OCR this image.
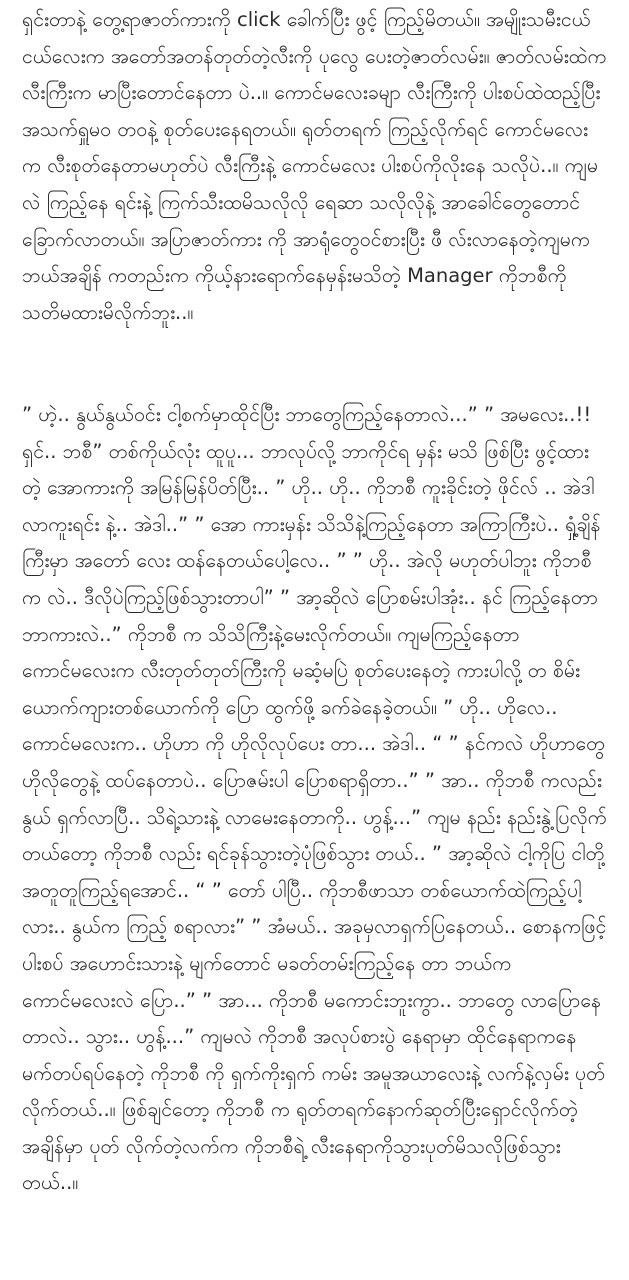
ရှင်းတာနဲ့ တွေ့ရာဇာတ်ကားကို click ခေါက်ပြီး ဖွင့် ကြည့်မိတယ်။ အမျိုးသမီးငယ်ငယ်လေးက အတော်အတန်တုတ်တဲ့လီးကို ပုလွေ ပေးတဲ့ဇာတ်လမ်း။ ဇာတ်လမ်းထဲကလီးကြီးက မာပြီးတောင်နေတာ ပဲ..။ ကောင်မလေးခမျာ လီးကြီးကို ပါးစပ်ထဲထည့်ပြီး အသက်ရှူမဝ တဝနဲ့ စုတ်ပေးနေရတယ်။ ရုတ်တရက် ကြည့်လိုက်ရင် ကောင်မလေး က လီးစုတ်နေတာမဟုတ်ပဲ လီးကြီးနဲ့ ကောင်မလေး ပါးစပ်ကိုလိုးနေ သလိုပဲ..။ ကျမလဲ ကြည့်နေ ရင်းနဲ့ ကြက်သီးထမိသလိုလို ရေဆာ သလိုလိုနဲ့ အာခေါင်တွေတောင် ခြောက်လာတယ်။ အပြာဇာတ်ကား ကို အာရုံတွေဝင်စားပြီး ဖီ လ်းလာနေတဲ့ကျမက ဘယ်အချိန် ကတည်းက ကိုယ့်နားရောက်နေမှန်းမသိတဲ့ Manager ကိုဘစီကို သတိမထားမိလိုက်ဘူး..။

” ဟဲ့.. နွယ်နွယ်ဝင်း ငါ့စက်မှာထိုင်ပြီး ဘာတွေကြည့်နေတာလဲ...” ” အမလေး..!! ရှင်.. ဘစီ” တစ်ကိုယ်လုံး ထူပူ... ဘာလုပ်လို့ ဘာကိုင်ရ မှန်း မသိ ဖြစ်ပြီး ဖွင့်ထားတဲ့ အောကားကို အမြန်မြန်ပိတ်ပြီး.. ” ဟို.. ဟို.. ကိုဘစီ ကူးခိုင်းတဲ့ ဖိုင်လ် .. အဲဒါ လာကူးရင်း နဲ့.. အဲဒါ..” ” အော ကားမှန်း သိသိနဲ့ကြည့်နေတာ အကြာကြီးပဲ.. ရှုံ့ချိန်ကြီးမှာ အတော် လေး ထန်နေတယ်ပေါ့လေ.. ” ” ဟို.. အဲလို မဟုတ်ပါဘူး ကိုဘစီက လဲ.. ဒီလိုပဲကြည့်ဖြစ်သွားတာပါ” ” အာ့ဆိုလဲ ပြောစမ်းပါအုံး.. နင် ကြည့်နေတာ ဘာကားလဲ..” ကိုဘစီ က သိသိကြီးနဲ့မေးလိုက်တယ်။ ကျမကြည့်နေတာ ကောင်မလေးက လီးတုတ်တုတ်ကြီးကို မဆံ့မပြဲ စုတ်ပေးနေတဲ့ ကားပါလို့ တ စိမ်းယောက်ကျားတစ်ယောက်ကို ပြော ထွက်ဖို့ ခက်ခဲနေခဲ့တယ်။ ” ဟို.. ဟိုလေ.. ကောင်မလေးက.. ဟိုဟာ ကို ဟိုလိုလုပ်ပေး တာ... အဲဒါ.. “ ” နင်ကလဲ ဟိုဟာတွေ ဟိုလိုတွေနဲ့ ထပ်နေတာပဲ.. ပြောဇမ်းပါ ပြောစရာရှိတာ..” ” အာ.. ကိုဘစီ ကလည်း နွယ် ရှက်လာပြီ.. သိရဲ့သားနဲ့ လာမေးနေတာကို.. ဟွန့်...” ကျမ နည်း နည်းနွဲ့ပြလိုက်တယ်တော့ ကိုဘစီ လည်း ရင်ခုန်သွားတဲ့ပုံဖြစ်သွား တယ်.. ” အာ့ဆိုလဲ ငါ့ကိုပြ ငါတို့ အတူတူကြည့်ရအောင်.. “ ” တော် ပါပြီ.. ကိုဘစီဖာသာ တစ်ယောက်ထဲကြည့်ပါ့လား.. နွယ်က ကြည့် စရာလား” ” အံမယ်.. အခုမှလာရှက်ပြနေတယ်.. စောနကဖြင့် ပါးစပ် အဟောင်းသားနဲ့ မျက်တောင် မခတ်တမ်းကြည့်နေ တာ ဘယ်က ကောင်မလေးလဲ ပြော..” ” အာ... ကိုဘစီ မကောင်းဘူးကွာ.. ဘာတွေ လာပြောနေတာလဲ.. သွား.. ဟွန့်...” ကျမလဲ ကိုဘစီ အလုပ်စားပွဲ နေရာမှာ ထိုင်နေရာကနေ မက်တပ်ရပ်နေတဲ့ ကိုဘစီ ကို ရှက်ကိုးရှက် ကမ်း အမူအယာလေးနဲ့ လက်နဲ့လှမ်း ပုတ်လိုက်တယ်..။ ဖြစ်ချင်တော့ ကိုဘစီ က ရုတ်တရက်နောက်ဆုတ်ပြီးရှောင်လိုက်တဲ့အချိန်မှာ ပုတ် လိုက်တဲ့လက်က ကိုဘစီရဲ့ လီးနေရာကိုသွားပုတ်မိသလိုဖြစ်သွား တယ်..။
